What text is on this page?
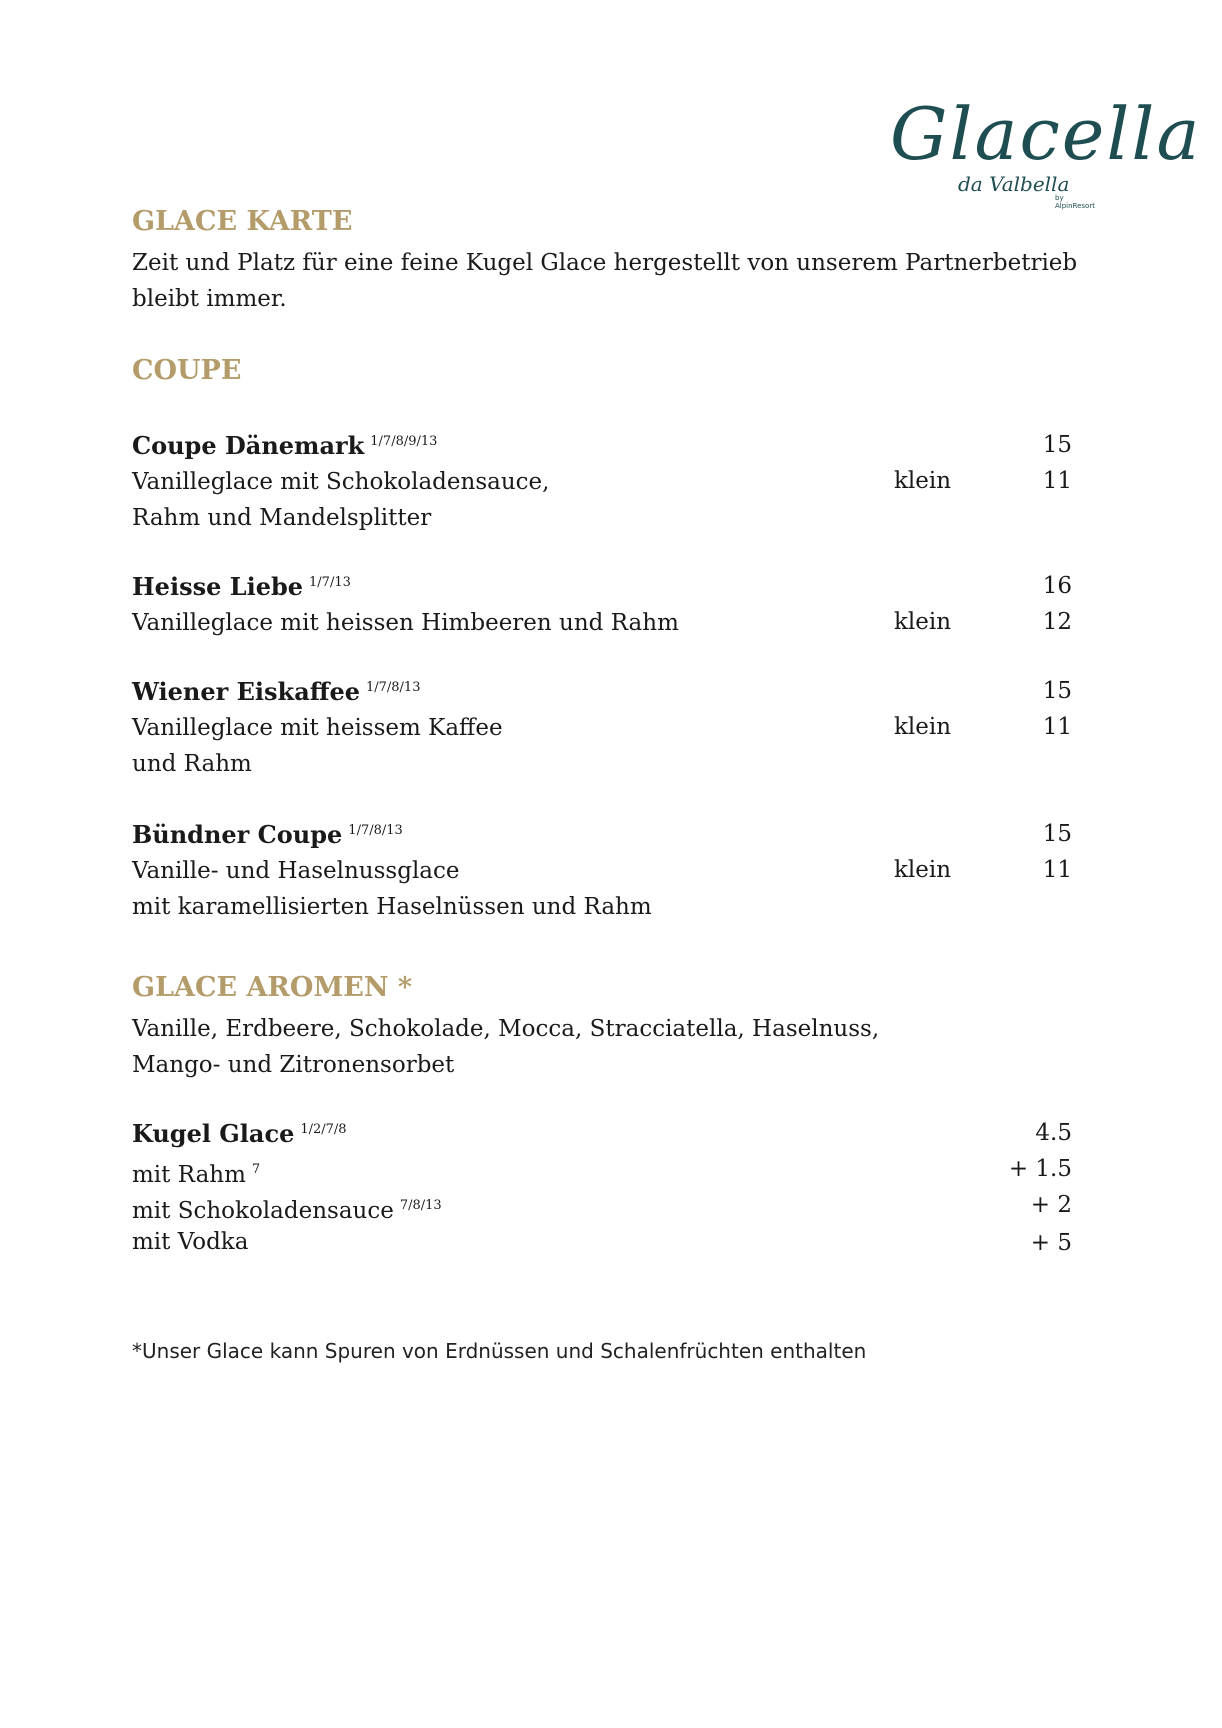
Glacella
da Valbella
by AlpinResort
GLACE KARTE
Zeit und Platz für eine feine Kugel Glace hergestellt von unserem Partnerbetrieb
bleibt immer.
COUPE
Coupe Dänemark $^{1/7/8/9/13}$	15
Vanilleglace mit Schokoladensauce,	klein	11
Rahm und Mandelsplitter
Heisse Liebe $^{1/7/13}$	16
Vanilleglace mit heissen Himbeeren und Rahm	klein	12
Wiener Eiskaffee $^{1/7/8/13}$	15
Vanilleglace mit heissem Kaffee	klein	11
und Rahm
Bündner Coupe $^{1/7/8/13}$	15
Vanille- und Haselnussglace	klein	11
mit karamellisierten Haselnüssen und Rahm
GLACE AROMEN *
Vanille, Erdbeere, Schokolade, Mocca, Stracciatella, Haselnuss,
Mango- und Zitronensorbet
Kugel Glace $^{1/2/7/8}$	4.5
mit Rahm $^7$	+ 1.5
mit Schokoladensauce $^{7/8/13}$	+ 2
mit Vodka	+ 5
*Unser Glace kann Spuren von Erdnüssen und Schalenfrüchten enthalten
